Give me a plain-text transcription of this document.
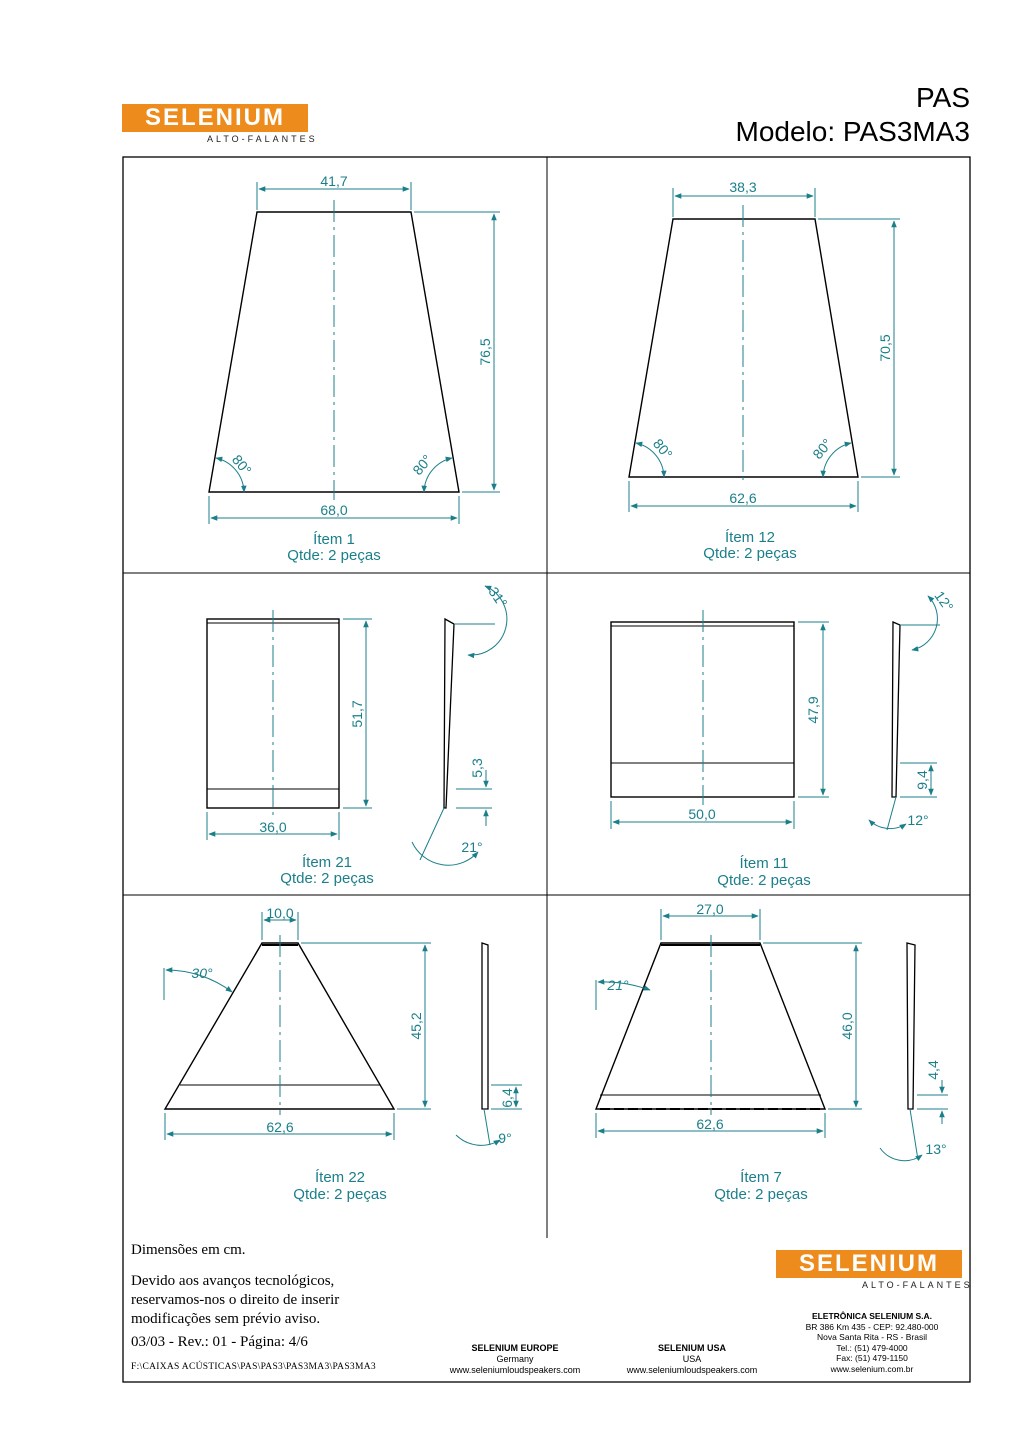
SELENIUM
ALTO-FALANTES
PAS
Modelo: PAS3MA3
41,7
68,0
76,5
80°	80°
38,3
62,6
70,5
80°	80°
36,0
51,7
5,3
31°
21°
50,0
47,9
9,4
12°
12°
10,0
62,6
45,2
30°
6,4
9°
27,0
62,6
46,0
21°
4,4
13°
Ítem 1
Qtde: 2 peças
Ítem 12
Qtde: 2 peças
Ítem 21
Qtde: 2 peças
Ítem 11
Qtde: 2 peças
Ítem 22
Qtde: 2 peças
Ítem 7
Qtde: 2 peças
Dimensões em cm.
Devido aos avanços tecnológicos,
reservamos-nos o direito de inserir
modificações sem prévio aviso.
03/03 - Rev.: 01 - Página: 4/6
F:\CAIXAS ACÚSTICAS\PAS\PAS3\PAS3MA3\PAS3MA3
SELENIUM
ALTO-FALANTES
SELENIUM EUROPE
Germany
www.seleniumloudspeakers.com
SELENIUM USA
USA
www.seleniumloudspeakers.com
ELETRÔNICA SELENIUM S.A.
BR 386 Km 435 - CEP: 92.480-000
Nova Santa Rita - RS - Brasil
Tel.: (51) 479-4000
Fax: (51) 479-1150
www.selenium.com.br
